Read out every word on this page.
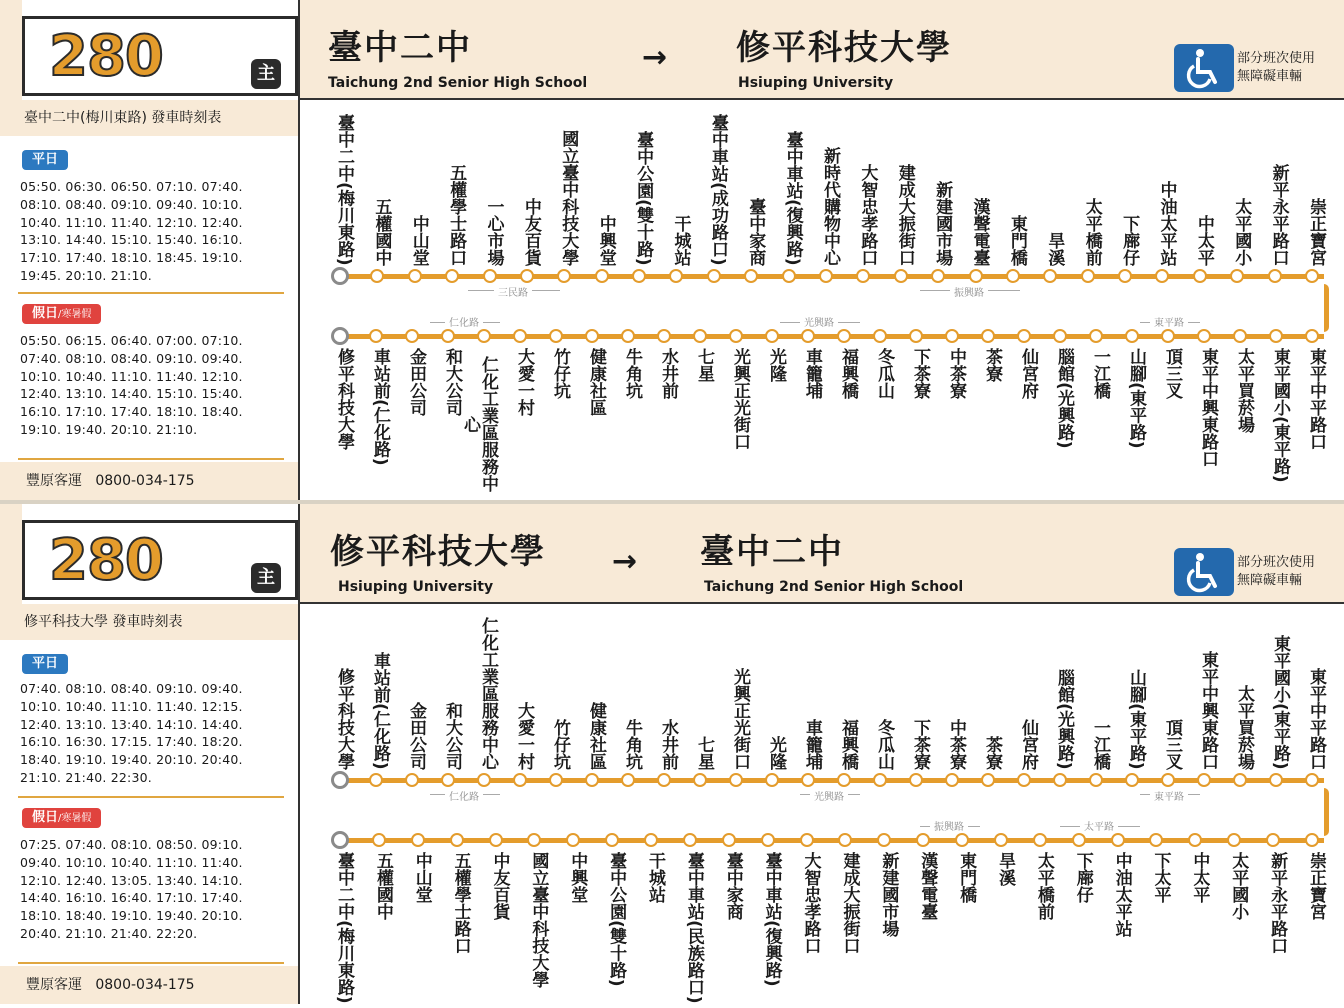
280	主
臺中二中(梅川東路) 發車時刻表
平日
05:50. 06:30. 06:50. 07:10. 07:40.
08:10. 08:40. 09:10. 09:40. 10:10.
10:40. 11:10. 11:40. 12:10. 12:40.
13:10. 14:40. 15:10. 15:40. 16:10.
17:10. 17:40. 18:10. 18:45. 19:10.
19:45. 20:10. 21:10.
假日/寒暑假
05:50. 06:15. 06:40. 07:00. 07:10.
07:40. 08:10. 08:40. 09:10. 09:40.
10:10. 10:40. 11:10. 11:40. 12:10.
12:40. 13:10. 14:40. 15:10. 15:40.
16:10. 17:10. 17:40. 18:10. 18:40.
19:10. 19:40. 20:10. 21:10.
豐原客運 0800-034-175
臺中二中
Taichung 2nd Senior High School
→ 修平科技大學
Hsiuping University
部分班次使用
無障礙車輛
臺中二中(梅川東路)	五權國中	中山堂	五權學士路口	一心市場	中友百貨	國立臺中科技大學	中興堂	臺中公園(雙十路)	干城站	臺中車站(成功路口)	臺中家商	臺中車站(復興路)	新時代購物中心	大智忠孝路口	建成大振街口	新建國市場	漢聲電臺	東門橋	旱溪	太平橋前	下廍仔	中油太平站	中太平	太平國小	新平永平路口	崇正寶宮
修平科技大學 車站前(仁化路) 金田公司 和大公司 仁化工業區服務中心
大愛一村 竹仔坑 健康社區 牛角坑 水井前 七星 光興正光街口 光隆 車籠埔 福興橋 冬瓜山 下茶寮 中茶寮 茶寮 仙宮府 腦館(光興路) 一江橋 山腳(東平路) 頂三叉 東平中興東路口 太平買菸場 東平國小(東平路) 東平中平路口
三民路	振興路
仁化路	光興路	東平路
280	主
修平科技大學 發車時刻表
平日
07:40. 08:10. 08:40. 09:10. 09:40.
10:10. 10:40. 11:10. 11:40. 12:15.
12:40. 13:10. 13:40. 14:10. 14:40.
16:10. 16:30. 17:15. 17:40. 18:20.
18:40. 19:10. 19:40. 20:10. 20:40.
21:10. 21:40. 22:30.
假日/寒暑假
07:25. 07:40. 08:10. 08:50. 09:10.
09:40. 10:10. 10:40. 11:10. 11:40.
12:10. 12:40. 13:05. 13:40. 14:10.
14:40. 16:10. 16:40. 17:10. 17:40.
18:10. 18:40. 19:10. 19:40. 20:10.
20:40. 21:10. 21:40. 22:20.
豐原客運 0800-034-175
修平科技大學
Hsiuping University
→ 臺中二中
Taichung 2nd Senior High School
部分班次使用
無障礙車輛
修平科技大學 車站前(仁化路) 金田公司 和大公司 仁化工業區服務中心 大愛一村 竹仔坑 健康社區 牛角坑 水井前 七星 光興正光街口 光隆 車籠埔 福興橋 冬瓜山 下茶寮 中茶寮 茶寮 仙宮府 腦館(光興路) 一江橋 山腳(東平路) 頂三叉 東平中興東路口 太平買菸場 東平國小(東平路) 東平中平路口
臺中二中(梅川東路)	五權國中	中山堂	五權學士路口	中友百貨	國立臺中科技大學	中興堂	臺中公園(雙十路)	干城站	臺中車站(民族路口)	臺中家商	臺中車站(復興路)	大智忠孝路口	建成大振街口	新建國市場	漢聲電臺	東門橋	旱溪	太平橋前	下廍仔	中油太平站	下太平	中太平	太平國小	新平永平路口	崇正寶宮
仁化路	光興路	東平路
振興路	太平路
